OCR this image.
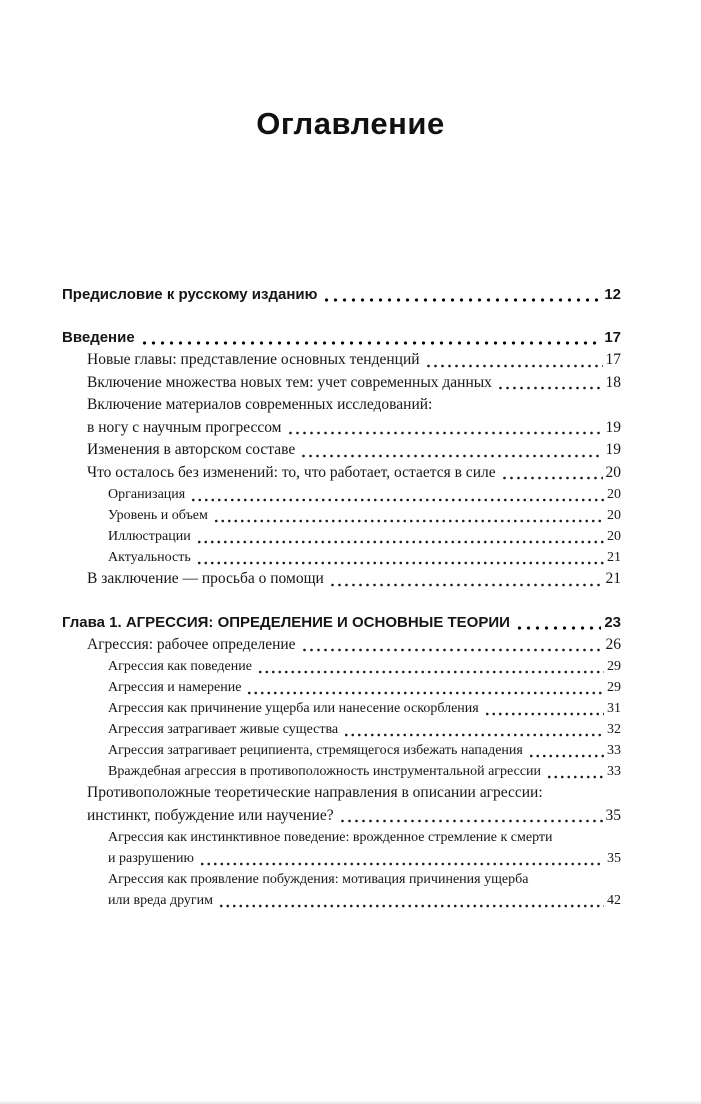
Оглавление
Предисловие к русскому изданию	12
Введение	17
Новые главы: представление основных тенденций	17
Включение множества новых тем: учет современных данных	18
Включение материалов современных исследований:
в ногу с научным прогрессом	19
Изменения в авторском составе	19
Что осталось без изменений: то, что работает, остается в силе	20
Организация	20
Уровень и объем	20
Иллюстрации	20
Актуальность	21
В заключение — просьба о помощи	21
Глава 1. АГРЕССИЯ: ОПРЕДЕЛЕНИЕ И ОСНОВНЫЕ ТЕОРИИ	23
Агрессия: рабочее определение	26
Агрессия как поведение	29
Агрессия и намерение	29
Агрессия как причинение ущерба или нанесение оскорбления	31
Агрессия затрагивает живые существа	32
Агрессия затрагивает реципиента, стремящегося избежать нападения	33
Враждебная агрессия в противоположность инструментальной агрессии	33
Противоположные теоретические направления в описании агрессии:
инстинкт, побуждение или научение?	35
Агрессия как инстинктивное поведение: врожденное стремление к смерти
и разрушению	35
Агрессия как проявление побуждения: мотивация причинения ущерба
или вреда другим	42
